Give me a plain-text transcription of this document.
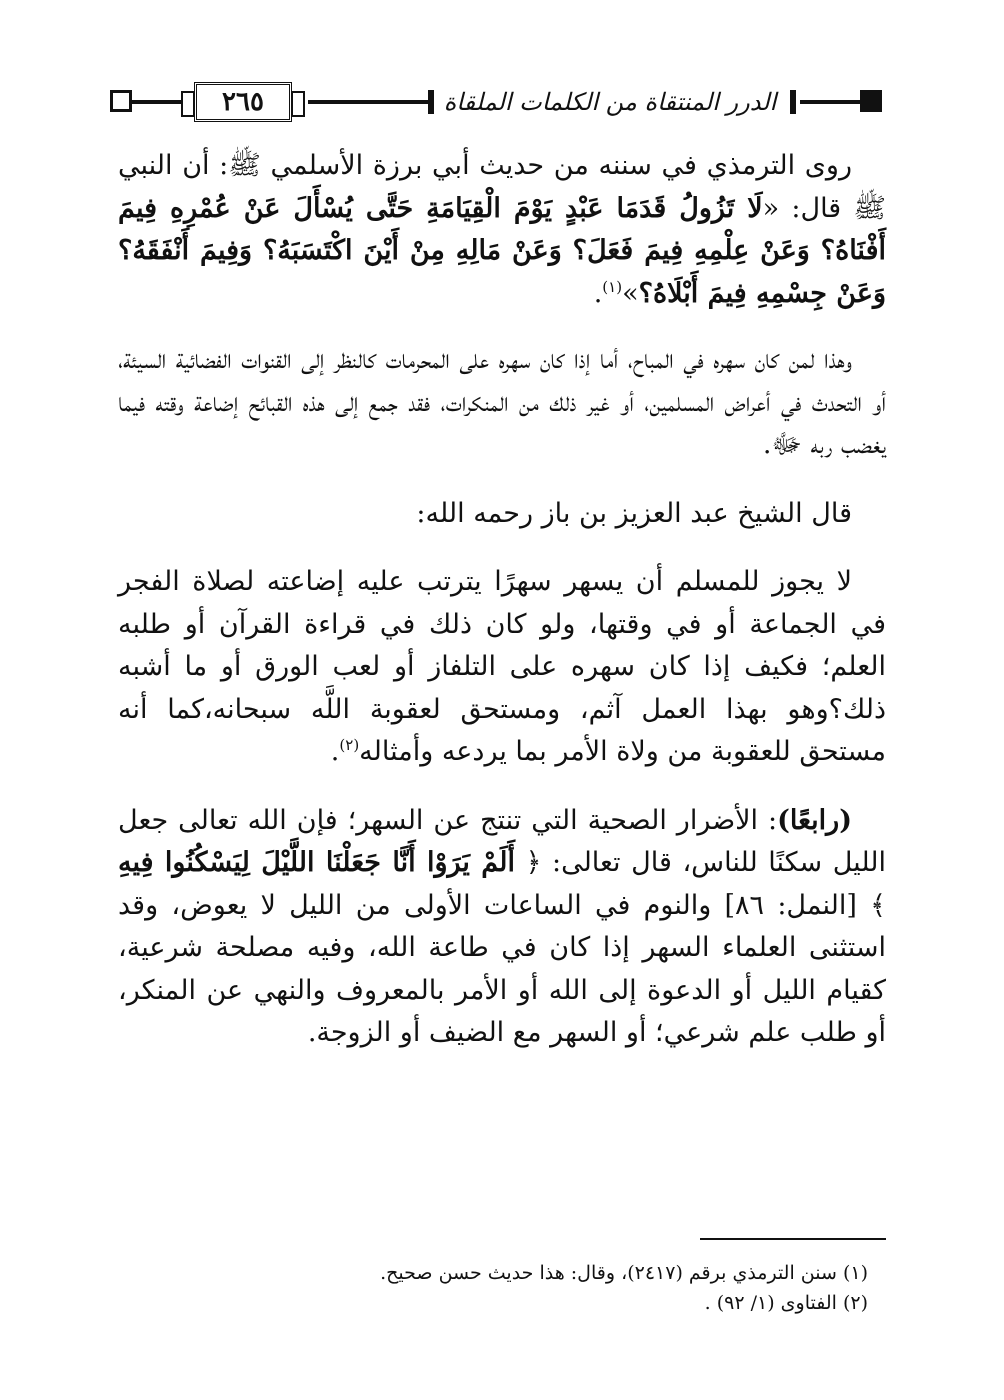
٢٦٥	الدرر المنتقاة من الكلمات الملقاة

روى الترمذي في سننه من حديث أبي برزة الأسلمي ﷺ: أن النبي ﷺ قال: «لَا تَزُولُ قَدَمَا عَبْدٍ يَوْمَ الْقِيَامَةِ حَتَّى يُسْأَلَ عَنْ عُمْرِهِ فِيمَ أَفْنَاهُ؟ وَعَنْ عِلْمِهِ فِيمَ فَعَلَ؟ وَعَنْ مَالِهِ مِنْ أَيْنَ اكْتَسَبَهُ؟ وَفِيمَ أَنْفَقَهُ؟ وَعَنْ جِسْمِهِ فِيمَ أَبْلَاهُ؟»$^{(١)}$.

وهذا لمن كان سهره في المباح، أما إذا كان سهره على المحرمات كالنظر إلى القنوات الفضائية السيئة، أو التحدث في أعراض المسلمين، أو غير ذلك من المنكرات، فقد جمع إلى هذه القبائح إضاعة وقته فيما يغضب ربه ﷻ.

قال الشيخ عبد العزيز بن باز رحمه الله:

لا يجوز للمسلم أن يسهر سهرًا يترتب عليه إضاعته لصلاة الفجر في الجماعة أو في وقتها، ولو كان ذلك في قراءة القرآن أو طلبه العلم؛ فكيف إذا كان سهره على التلفاز أو لعب الورق أو ما أشبه ذلك؟وهو بهذا العمل آثم، ومستحق لعقوبة اللَّه سبحانه،كما أنه مستحق للعقوبة من ولاة الأمر بما يردعه وأمثاله$^{(٢)}$.

(رابعًا): الأضرار الصحية التي تنتج عن السهر؛ فإن الله تعالى جعل الليل سكنًا للناس، قال تعالى: ﴿ أَلَمْ يَرَوْا أَنَّا جَعَلْنَا اللَّيْلَ لِيَسْكُنُوا فِيهِ ﴾ [النمل: ٨٦] والنوم في الساعات الأولى من الليل لا يعوض، وقد استثنى العلماء السهر إذا كان في طاعة الله، وفيه مصلحة شرعية، كقيام الليل أو الدعوة إلى الله أو الأمر بالمعروف والنهي عن المنكر، أو طلب علم شرعي؛ أو السهر مع الضيف أو الزوجة.

(١) سنن الترمذي برقم (٢٤١٧)، وقال: هذا حديث حسن صحيح.
(٢) الفتاوى (١/ ٩٢) .
